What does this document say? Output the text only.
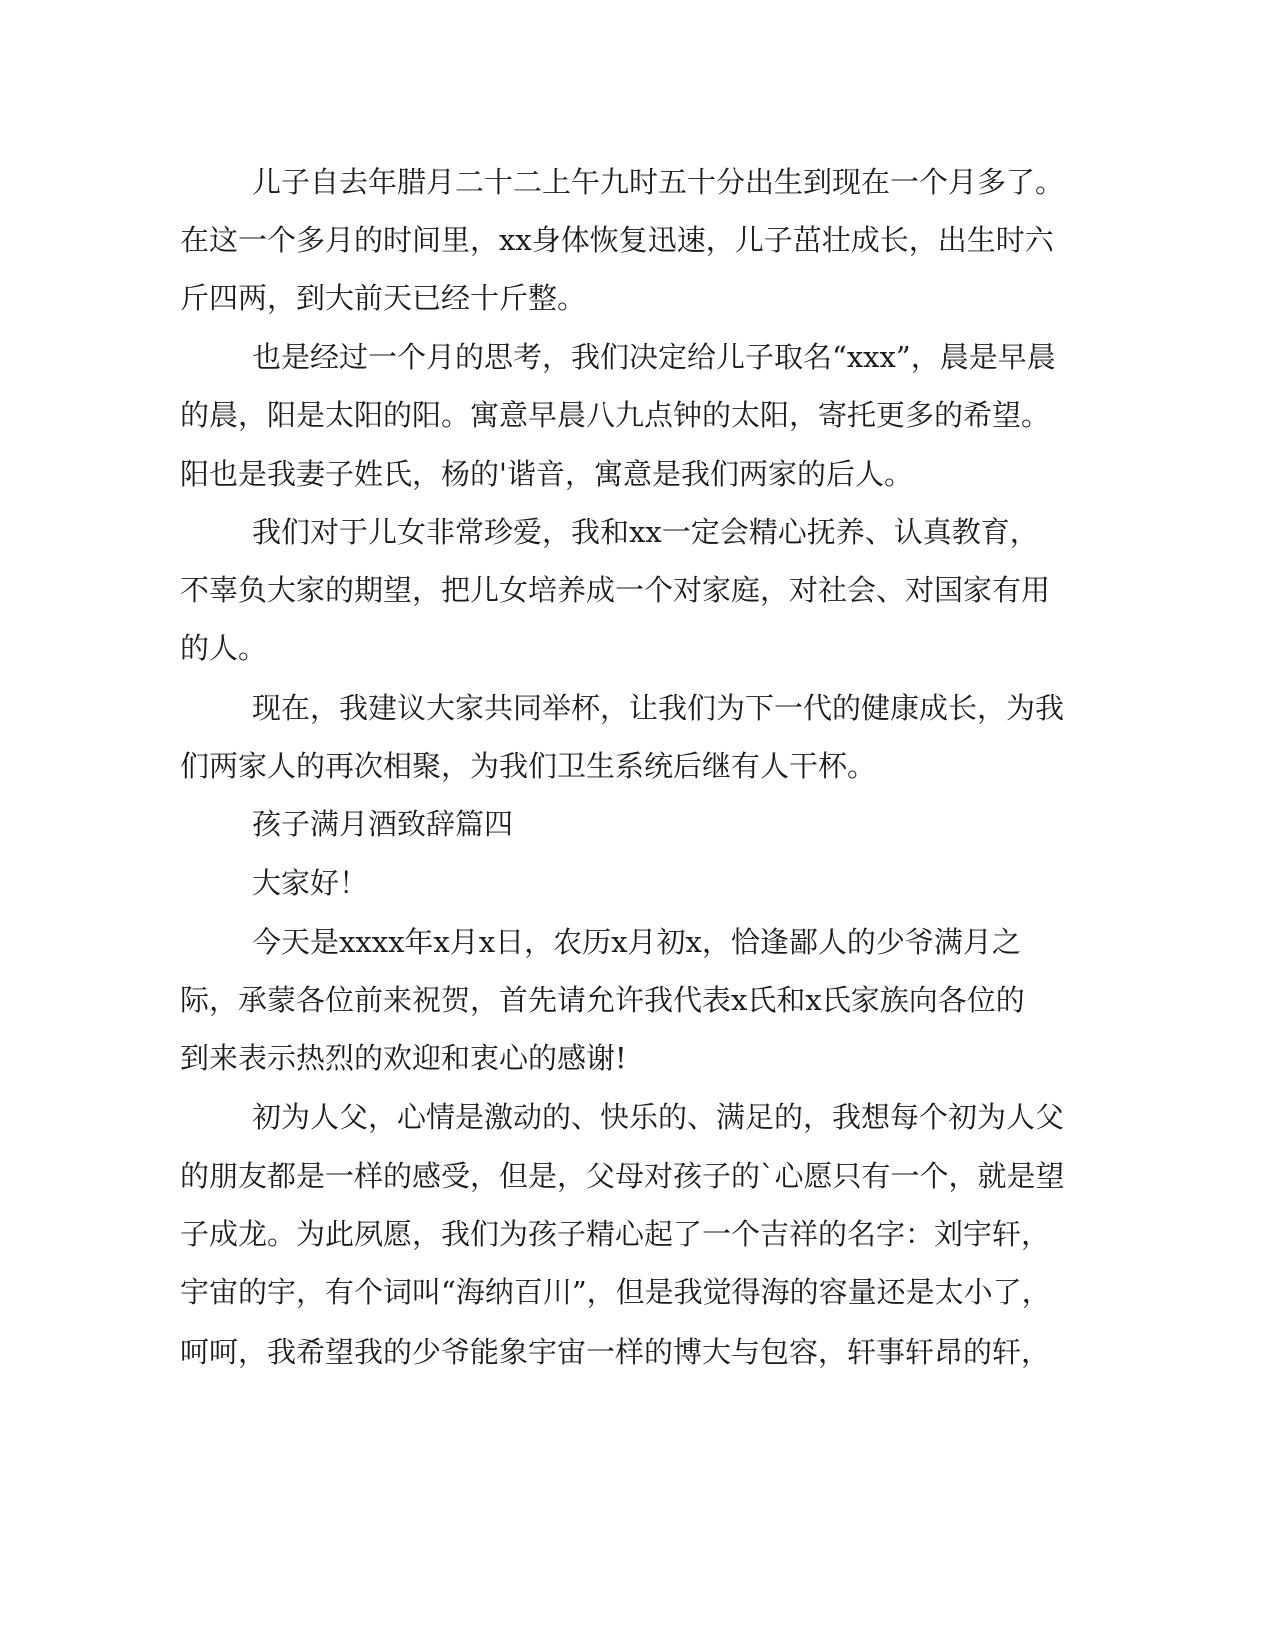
儿子自去年腊月二十二上午九时五十分出生到现在一个月多了。

在这一个多月的时间里，xx身体恢复迅速，儿子茁壮成长，出生时六

斤四两，到大前天已经十斤整。

也是经过一个月的思考，我们决定给儿子取名“xxx”，晨是早晨

的晨，阳是太阳的阳。寓意早晨八九点钟的太阳，寄托更多的希望。

阳也是我妻子姓氏，杨的'谐音，寓意是我们两家的后人。

我们对于儿女非常珍爱，我和xx一定会精心抚养、认真教育，

不辜负大家的期望，把儿女培养成一个对家庭，对社会、对国家有用

的人。

现在，我建议大家共同举杯，让我们为下一代的健康成长，为我

们两家人的再次相聚，为我们卫生系统后继有人干杯。

孩子满月酒致辞篇四

大家好！

今天是xxxx年x月x日，农历x月初x，恰逢鄙人的少爷满月之

际，承蒙各位前来祝贺，首先请允许我代表x氏和x氏家族向各位的

到来表示热烈的欢迎和衷心的感谢!

初为人父，心情是激动的、快乐的、满足的，我想每个初为人父

的朋友都是一样的感受，但是，父母对孩子的`心愿只有一个，就是望

子成龙。为此夙愿，我们为孩子精心起了一个吉祥的名字：刘宇轩，

宇宙的宇，有个词叫“海纳百川”，但是我觉得海的容量还是太小了，

呵呵，我希望我的少爷能象宇宙一样的博大与包容，轩事轩昂的轩，
